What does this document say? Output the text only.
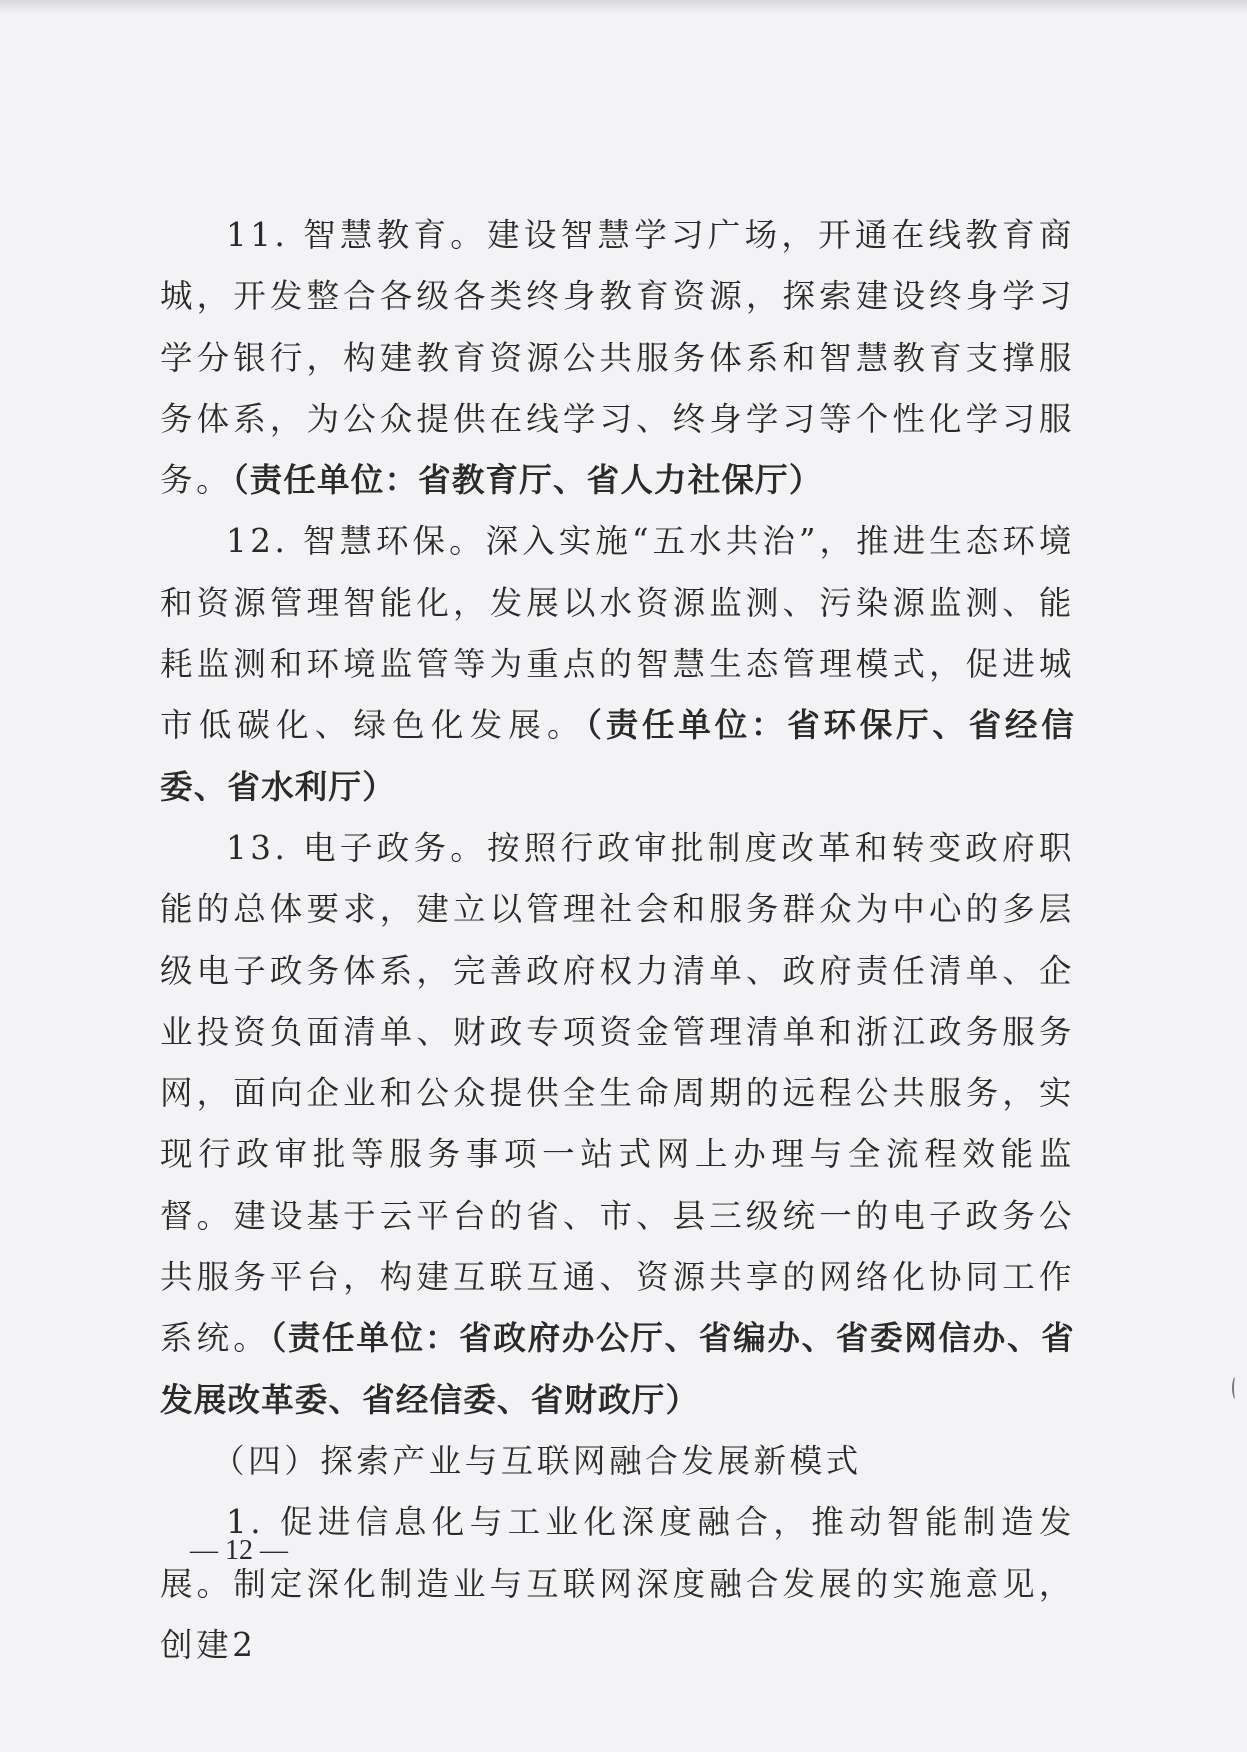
11. 智慧教育。建设智慧学习广场，开通在线教育商城，开发整合各级各类终身教育资源，探索建设终身学习学分银行，构建教育资源公共服务体系和智慧教育支撑服务体系，为公众提供在线学习、终身学习等个性化学习服务。（责任单位：省教育厅、省人力社保厅）

12. 智慧环保。深入实施“五水共治”，推进生态环境和资源管理智能化，发展以水资源监测、污染源监测、能耗监测和环境监管等为重点的智慧生态管理模式，促进城市低碳化、绿色化发展。（责任单位：省环保厅、省经信委、省水利厅）

13. 电子政务。按照行政审批制度改革和转变政府职能的总体要求，建立以管理社会和服务群众为中心的多层级电子政务体系，完善政府权力清单、政府责任清单、企业投资负面清单、财政专项资金管理清单和浙江政务服务网，面向企业和公众提供全生命周期的远程公共服务，实现行政审批等服务事项一站式网上办理与全流程效能监督。建设基于云平台的省、市、县三级统一的电子政务公共服务平台，构建互联互通、资源共享的网络化协同工作系统。（责任单位：省政府办公厅、省编办、省委网信办、省发展改革委、省经信委、省财政厅）

（四）探索产业与互联网融合发展新模式

1. 促进信息化与工业化深度融合，推动智能制造发展。制定深化制造业与互联网深度融合发展的实施意见，创建2

— 12 —
